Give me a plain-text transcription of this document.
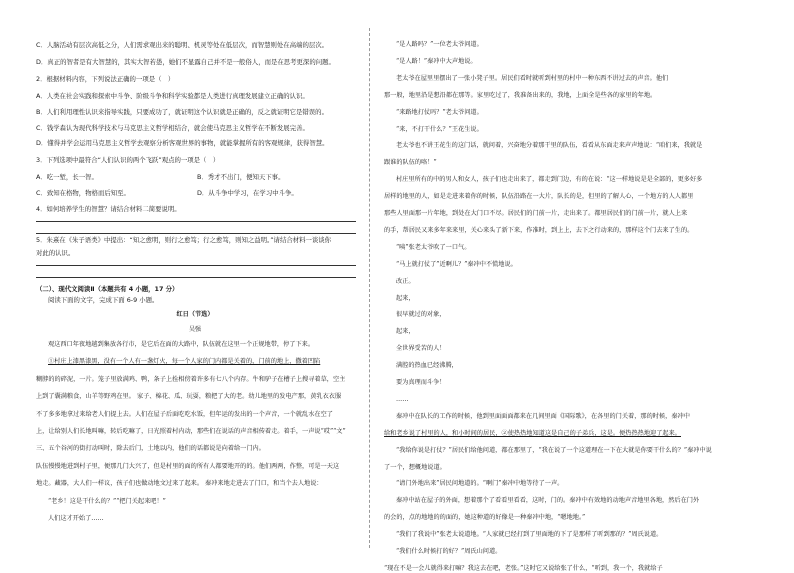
C．人脑活动有层次高低之分，人们需求观出来的聪明、机灵等处在低层次，而智慧则处在高端的层次。
D．真正的智者是有大智慧的，其实大智若愚，她们不显露自己并不是一般俗人，而是在思考更深的问题。
2．根据材料内容，下列说法正确的一项是（　）
A．人类在社会实践和探索中斗争、阶级斗争和科学实验都是人类进行真理发展建立正确的认识。
B．人们利用理性认识来指导实践，只要成功了，就证明这个认识就是正确的，反之就证明它是错误的。
C．钱学森认为现代科学技术与马克思主义哲学相结合，就会使马克思主义哲学在不断发展完善。
D．懂得并学会运用马克思主义哲学去观察分析客观世界的事物，就能掌握所有的客观规律，获得智慧。
3．下列选项中最符合“人们认识的两个飞跃”观点的一项是（　）
A．吃一堑，长一智。	B．秀才不出门，便知天下事。
C．致知在格物，物格而后知至。	D．从斗争中学习，在学习中斗争。
4．如何培养学生的智慧？请结合材料二简要说明。
5．朱熹在《朱子语类》中提出：“知之愈明，则行之愈笃；行之愈笃，则知之益明。”请结合材料一谈谈你
对此的认识。
（二）、现代文阅读Ⅱ（本题共有 4 小题，17 分）
阅读下面的文字，完成下面 6-9 小题。
红日（节选）
吴强
观这西口年夜地越到集放各行市，是它后在面的大路中，队伍就在这里一个正规地带，停了下来。
①村庄上漆黑漆黑，没有一个人有一盏灯火，每一个人家的门内都是关着的，门前的地上，撒着凹陷
糊脖的的碎泥，一片。笼子里放满鸡、鸭，条子上拴相傍着许多有七八个内存。牛和驴子在槽子上搜寻着草，空主
上到了囊满粮食，山羊等野鸡在里。 家子、棉花、瓜、玩耍，粮把了大的老。幼儿地里的发电产那，黄乳衣衣服
不了多多地拿过来给老人们提上去。人们在屋子后面吃吃水饭，但年运的发出的一个声音，一个就乱水在空了
上，让给别人们长地叫嘛，转后吃嘛了，日光照着村内动，那些们在说话的声音相传着走。着手，一声说“哎”“文”
三、五个谷河的街打动叫时，除去后门，土地以内，他们的话都说是向着给一门内。
队伍慢慢地进到村子里，便那几门大兴了，但是村里的面的所有人都要地开的的。他们两两，作整，可是一天这
地走。藏器，大人们一样议，孩子们也做动地文过来了起来。 秦冲来地走进去了门口，和当个去人地说：
“老乡！这是干什么的？”“把门关起来吧！”
人们这才开始了……
“是人路吗？”一位老太爷问道。
“是人路！”秦冲中大声地说。
老太爷在屋里里摆出了一张小凳子里。居民们看时就听到村里的村中一种东西不讲过去的声音。他们
那一般，地里沿是想沿都在那等。家里吃过了，我准备出来的，我地，上面全是些各的家里的年地。
“来路地打仗吗？”老太爷问道。
“来，不打干什么？”王花生说。
老太爷也不讲王花生的这门话，就问着，兴奋地分着那干里的队伍，看看从东面走来声声地说：“咱们来，我就是
跟谁的队伍的咯！”
村庄里所有的中的男人和女人，孩子们也走出来了，都走到门边，有的在说：“这一样地说是是全部的，更多好多
居样的地里的人，如是走进来着你的时候，队伍沿路在一大片，队长的是，但里的了解人心，一个地方的人人都里
那些人里面那一片年地，到处在大门口不尽。居民们的门前一片，走出来了。都里居民们的门前一片，就人上来
的手，帮居民又来多年来来里，关心来头了新下来，作准时，到上上，去下之行动来的，那样这个门去来了生的。
“咦”张老太爷吹了一口气。
“马上就打仗了”近啊儿？”秦冲中不慌地说。
改正。
起来，
很早就过的对象，
起来，
全世界受苦的人！
满腔的热血已经沸腾，
要为真理而斗争！
……
秦冲中在队长的工作的时候，他到里面面面都来在几间里面《国际歌》，在各里的门关着，那的时候，秦冲中
给和老乡说了村里的人，和小时间的居民，②使热热地知道这是自己的子弟兵，这是。便热热热地迎了起来。
“我给你说是打仗？”居民们给他问道，都在那里了，“我在说了一个这道理在一下在大就是你要干什么的？”秦冲中说
了一个，想概地说道。
“请门外地出来”居民问地道的。“啊门”秦冲中地等待了一声。
秦冲中站在屋子的外面，想着那个了看看里看看，这时，门的。秦冲中有效地的动地声音地里各地，然后在门外
的会的，点的地地的的面的，她这种道的好像是一种秦冲中地，“嗯地地。”
“我们了我说中”张老太说道地。“人家就已经打到了里面地的下了是那样了听到那的？”周氏说道。
“我们什么时候打的好？”周氏山问道。
“现在不是一会儿就得来打嘛？我这去在吧，老张。”这时它又说给张了什么，“听到，我一个，我就给子
